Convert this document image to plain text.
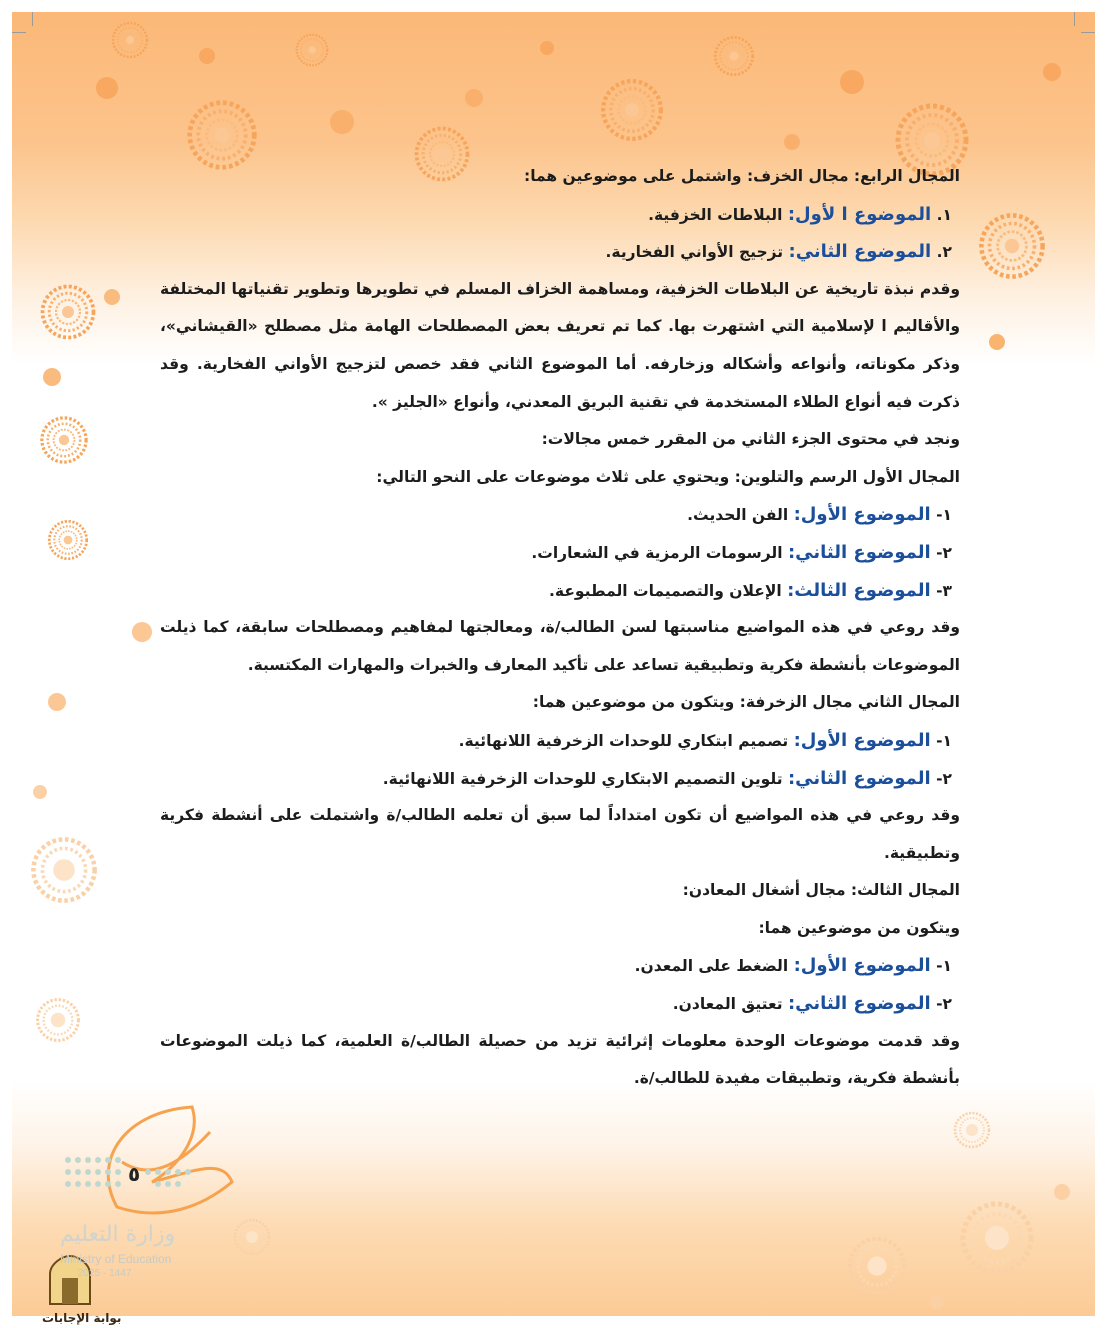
المجال الرابع: مجال الخزف: واشتمل على موضوعين هما:
١. الموضوع ا لأول: البلاطات الخزفية.
٢. الموضوع الثاني: تزجيج الأواني الفخارية.
وقدم نبذة تاريخية عن البلاطات الخزفية، ومساهمة الخزاف المسلم في تطويرها وتطوير تقنياتها المختلفة
والأقاليم ا لإسلامية التي اشتهرت بها. كما تم تعريف بعض المصطلحات الهامة مثل مصطلح «القيشاني»،
وذكر مكوناته، وأنواعه وأشكاله وزخارفه. أما الموضوع الثاني فقد خصص لتزجيج الأواني الفخارية. وقد
ذكرت فيه أنواع الطلاء المستخدمة في تقنية البريق المعدني، وأنواع «الجليز ».
ونجد في محتوى الجزء الثاني من المقرر خمس مجالات:
المجال الأول الرسم والتلوين: ويحتوي على ثلاث موضوعات على النحو التالي:
١- الموضوع الأول: الفن الحديث.
٢- الموضوع الثاني: الرسومات الرمزية في الشعارات.
٣- الموضوع الثالث: الإعلان والتصميمات المطبوعة.
وقد روعي في هذه المواضيع مناسبتها لسن الطالب/ة، ومعالجتها لمفاهيم ومصطلحات سابقة، كما ذيلت
الموضوعات بأنشطة فكرية وتطبيقية تساعد على تأكيد المعارف والخبرات والمهارات المكتسبة.
المجال الثاني مجال الزخرفة: ويتكون من موضوعين هما:
١- الموضوع الأول: تصميم ابتكاري للوحدات الزخرفية اللانهائية.
٢- الموضوع الثاني: تلوين التصميم الابتكاري للوحدات الزخرفية اللانهائية.
وقد روعي في هذه المواضيع أن تكون امتداداً لما سبق أن تعلمه الطالب/ة واشتملت على أنشطة فكرية
وتطبيقية.
المجال الثالث: مجال أشغال المعادن:
ويتكون من موضوعين هما:
١- الموضوع الأول: الضغط على المعدن.
٢- الموضوع الثاني: تعتيق المعادن.
وقد قدمت موضوعات الوحدة معلومات إثرائية تزيد من حصيلة الطالب/ة العلمية، كما ذيلت الموضوعات
بأنشطة فكرية، وتطبيقات مفيدة للطالب/ة.
٥
وزارة التعليم
Ministry of Education
2025 - 1447
بوابة الإجابات
